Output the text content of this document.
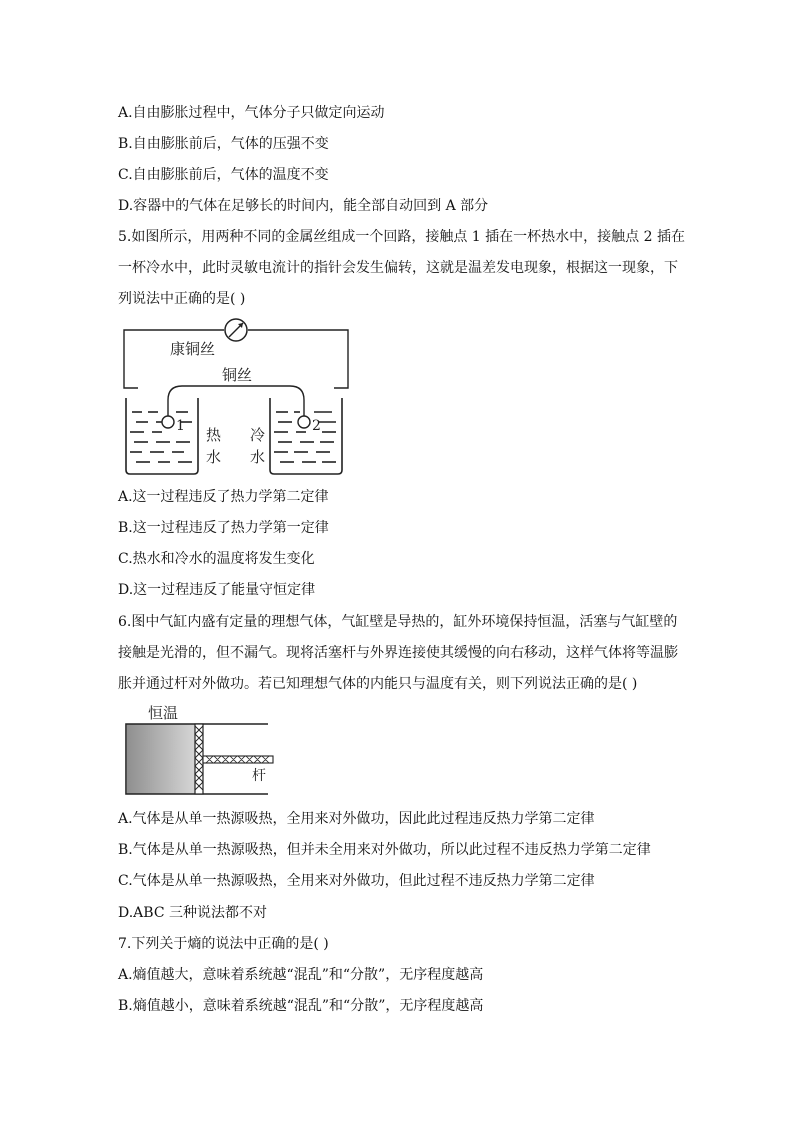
A.自由膨胀过程中，气体分子只做定向运动
B.自由膨胀前后，气体的压强不变
C.自由膨胀前后，气体的温度不变
D.容器中的气体在足够长的时间内，能全部自动回到 A 部分
5.如图所示，用两种不同的金属丝组成一个回路，接触点 1 插在一杯热水中，接触点 2 插在
一杯冷水中，此时灵敏电流计的指针会发生偏转，这就是温差发电现象，根据这一现象，下
列说法中正确的是( )
康铜丝
铜丝
1 热
水
冷
水
2
A.这一过程违反了热力学第二定律
B.这一过程违反了热力学第一定律
C.热水和冷水的温度将发生变化
D.这一过程违反了能量守恒定律
6.图中气缸内盛有定量的理想气体，气缸壁是导热的，缸外环境保持恒温，活塞与气缸壁的
接触是光滑的，但不漏气。现将活塞杆与外界连接使其缓慢的向右移动，这样气体将等温膨
胀并通过杆对外做功。若已知理想气体的内能只与温度有关，则下列说法正确的是( )
恒温
杆
A.气体是从单一热源吸热，全用来对外做功，因此此过程违反热力学第二定律
B.气体是从单一热源吸热，但并未全用来对外做功，所以此过程不违反热力学第二定律
C.气体是从单一热源吸热，全用来对外做功，但此过程不违反热力学第二定律
D.ABC 三种说法都不对
7.下列关于熵的说法中正确的是( )
A.熵值越大，意味着系统越“混乱”和“分散”，无序程度越高
B.熵值越小，意味着系统越“混乱”和“分散”，无序程度越高
